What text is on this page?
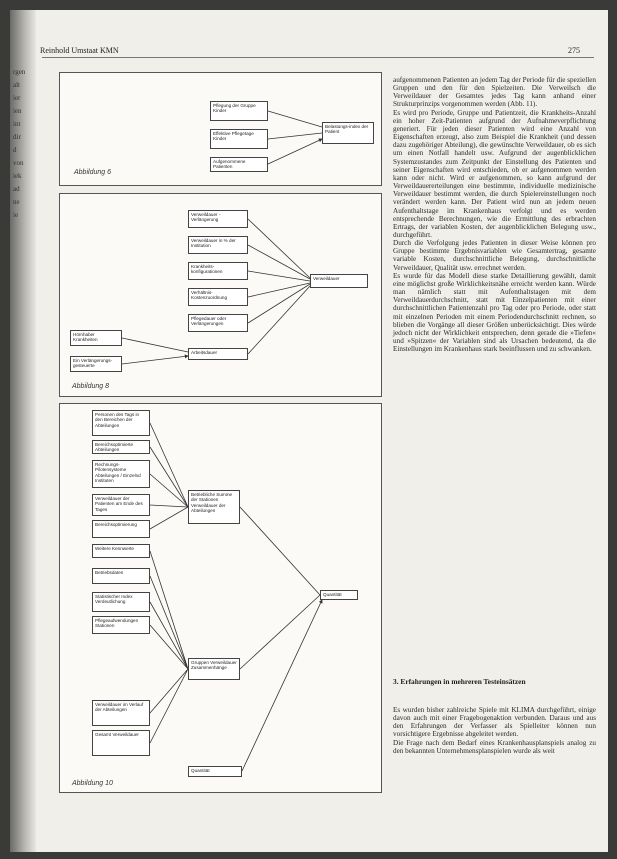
rgen
alt
ier
ien
int
dir
d
von
iek
ad
ne
ie
Reinhold Umstaat KMN	275
Pflegung der Gruppe Kinder
Effektive Pflegetage Kinder
Aufgenommene Patienten
Belastungs-index der Patient
Abbildung 6
Verweildauer - Verlängerung
Verweildauer in % der Institution
Krankheits-konfigurationen
Verhältnis-Kostenzuordnung
Pflegedauer oder Verlängerungen
Hörnhaber Krankheiten
Ein Verlängerungs-gesteuerte
Arbeitsdauer
Verweildauer
Abbildung 8
Betriebliche Summe der Stationen Verweildauer der Abteilungen
Gruppen Verweildauer Zusammenhänge
Quantität
Quantität
Abbildung 10
Personen des Tags in den Bereichen der Abteilungen
Bereichsoptimierte Abteilungen
Rechnungs-Pilotensysteme Abteilungen / Einzelnd Instituten
Verweildauer der Patienten am Ende des Tages
Bereichsoptimierung
Weitere Kennwerte
Betriebsdaten
Statistischer Index Verdeutlichung
Pflegeaufwendungen Stationen
Verweildauer im Verlauf der Abteilungen
Gesamt Verweildauer

aufgenommenen Patienten an jedem Tag der Periode für die speziellen Gruppen und den für den Spielzeiten. Die Verweilsch die Verweildauer der Gesamtes jedes Tag kann anhand einer Strukturprinzips vorgenommen werden (Abb. 11).

Es wird pro Periode, Gruppe und Patientzeit, die Krankheits-Anzahl ein hoher Zeit-Patienten aufgrund der Aufnahmeverpflichtung generiert. Für jeden dieser Patienten wird eine Anzahl von Eigenschaften erzeugt, also zum Beispiel die Krankheit (und dessen dazu zugehöriger Abteilung), die gewünschte Verweildauer, ob es sich um einen Notfall handelt usw. Aufgrund der augenblicklichen Systemzustandes zum Zeitpunkt der Einstellung des Patienten und seiner Eigenschaften wird entschieden, ob er aufgenommen werden kann oder nicht. Wird er aufgenommen, so kann aufgrund der Verweildauererteilungen eine bestimmte, individuelle medizinische Verweildauer bestimmt werden, die durch Spielereinstellungen noch verändert werden kann. Der Patient wird nun an jedem neuen Aufenthaltstage im Krankenhaus verfolgt und es werden entsprechende Berechnungen, wie die Ermittlung des erbrachten Ertrags, der variablen Kosten, der augenblicklichen Belegung usw., durchgeführt.

Durch die Verfolgung jedes Patienten in dieser Weise können pro Gruppe bestimmte Ergebnisvariablen wie Gesamtertrag, gesamte variable Kosten, durchschnittliche Belegung, durchschnittliche Verweildauer, Qualität usw. errechnet werden.

Es wurde für das Modell diese starke Detaillierung gewählt, damit eine möglichst große Wirklichkeitsnähe erreicht werden kann. Würde man nämlich statt mit Aufenthaltstagen mit dem Verweildauerdurchschnitt, statt mit Einzelpatienten mit einer durchschnittlichen Patientenzahl pro Tag oder pro Periode, oder statt mit einzelnen Perioden mit einem Periodendurchschnitt rechnen, so blieben die Vorgänge all dieser Größen unberücksichtigt. Dies würde jedoch nicht der Wirklichkeit entsprechen, denn gerade die »Tiefen« und »Spitzen« der Variablen sind als Ursachen bedeutend, da die Einstellungen im Krankenhaus stark beeinflussen und zu schwanken.

3. Erfahrungen in mehreren Testeinsätzen

Es wurden bisher zahlreiche Spiele mit KLIMA durchgeführt, einige davon auch mit einer Fragebogenaktion verbunden. Daraus und aus den Erfahrungen der Verfasser als Spielleiter können nun vorsichtigere Ergebnisse abgeleitet werden.

Die Frage nach dem Bedarf eines Krankenhausplanspiels analog zu den bekannten Unternehmensplanspielen wurde als weit
